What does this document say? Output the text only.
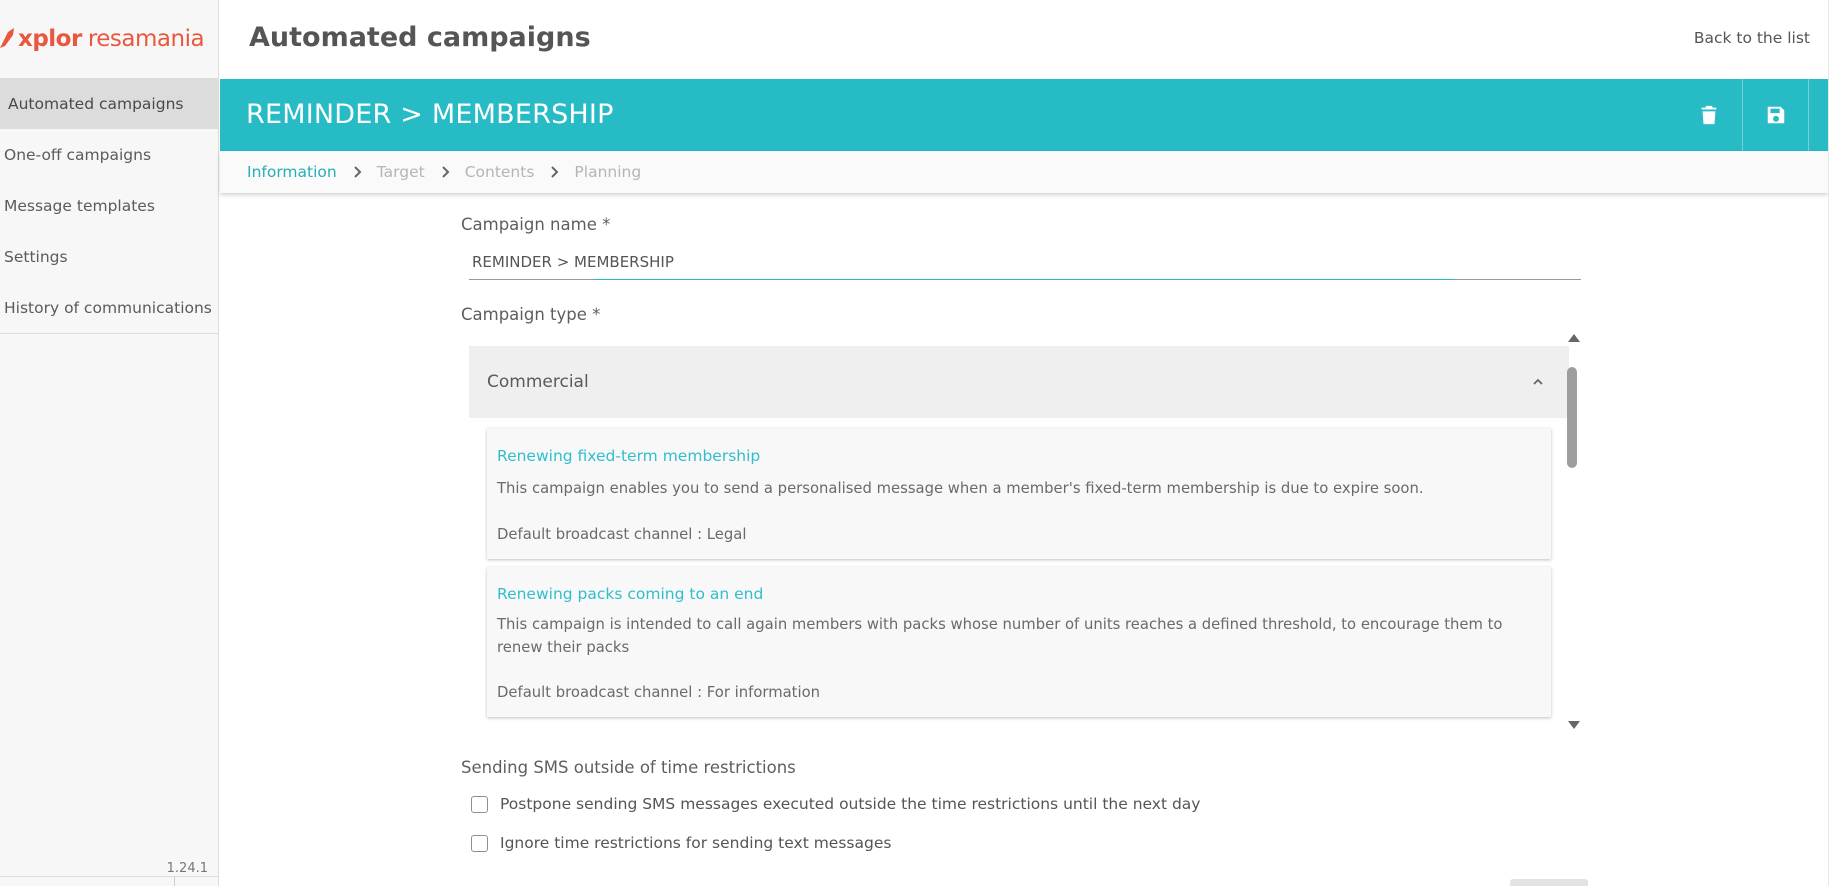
xplor resamania
Automated campaigns
One-off campaigns
Message templates
Settings
History of communications
1.24.1
Automated campaigns	Back to the list
REMINDER > MEMBERSHIP
Information	Target	Contents	Planning
Campaign name *
REMINDER > MEMBERSHIP
Campaign type *
Commercial
Renewing fixed-term membership
This campaign enables you to send a personalised message when a member's fixed-term membership is due to expire soon.
Default broadcast channel : Legal
Renewing packs coming to an end
This campaign is intended to call again members with packs whose number of units reaches a defined threshold, to encourage them to renew their packs
Default broadcast channel : For information
Sending SMS outside of time restrictions
Postpone sending SMS messages executed outside the time restrictions until the next day
Ignore time restrictions for sending text messages
